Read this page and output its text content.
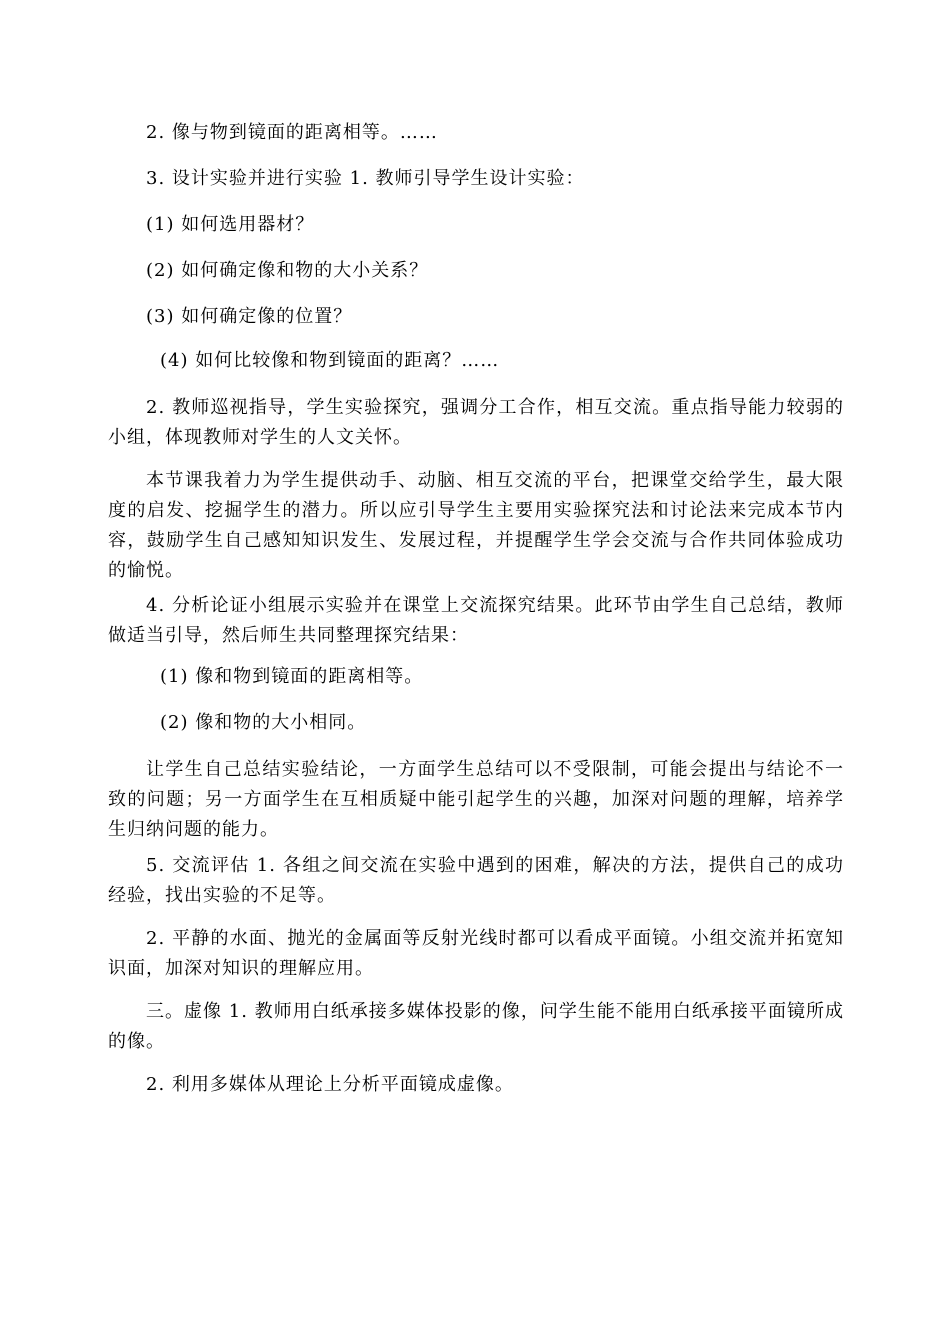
2. 像与物到镜面的距离相等。……
3. 设计实验并进行实验 1. 教师引导学生设计实验：
(1) 如何选用器材？
(2) 如何确定像和物的大小关系？
(3) 如何确定像的位置？
(4) 如何比较像和物到镜面的距离？……
2. 教师巡视指导，学生实验探究，强调分工合作，相互交流。重点指导能力较弱的小组，体现教师对学生的人文关怀。
本节课我着力为学生提供动手、动脑、相互交流的平台，把课堂交给学生，最大限度的启发、挖掘学生的潜力。所以应引导学生主要用实验探究法和讨论法来完成本节内容，鼓励学生自己感知知识发生、发展过程，并提醒学生学会交流与合作共同体验成功的愉悦。
4. 分析论证小组展示实验并在课堂上交流探究结果。此环节由学生自己总结，教师做适当引导，然后师生共同整理探究结果：
(1) 像和物到镜面的距离相等。
(2) 像和物的大小相同。
让学生自己总结实验结论，一方面学生总结可以不受限制，可能会提出与结论不一致的问题；另一方面学生在互相质疑中能引起学生的兴趣，加深对问题的理解，培养学生归纳问题的能力。
5. 交流评估 1. 各组之间交流在实验中遇到的困难，解决的方法，提供自己的成功经验，找出实验的不足等。
2. 平静的水面、抛光的金属面等反射光线时都可以看成平面镜。小组交流并拓宽知识面，加深对知识的理解应用。
三。虚像 1. 教师用白纸承接多媒体投影的像，问学生能不能用白纸承接平面镜所成的像。
2. 利用多媒体从理论上分析平面镜成虚像。
